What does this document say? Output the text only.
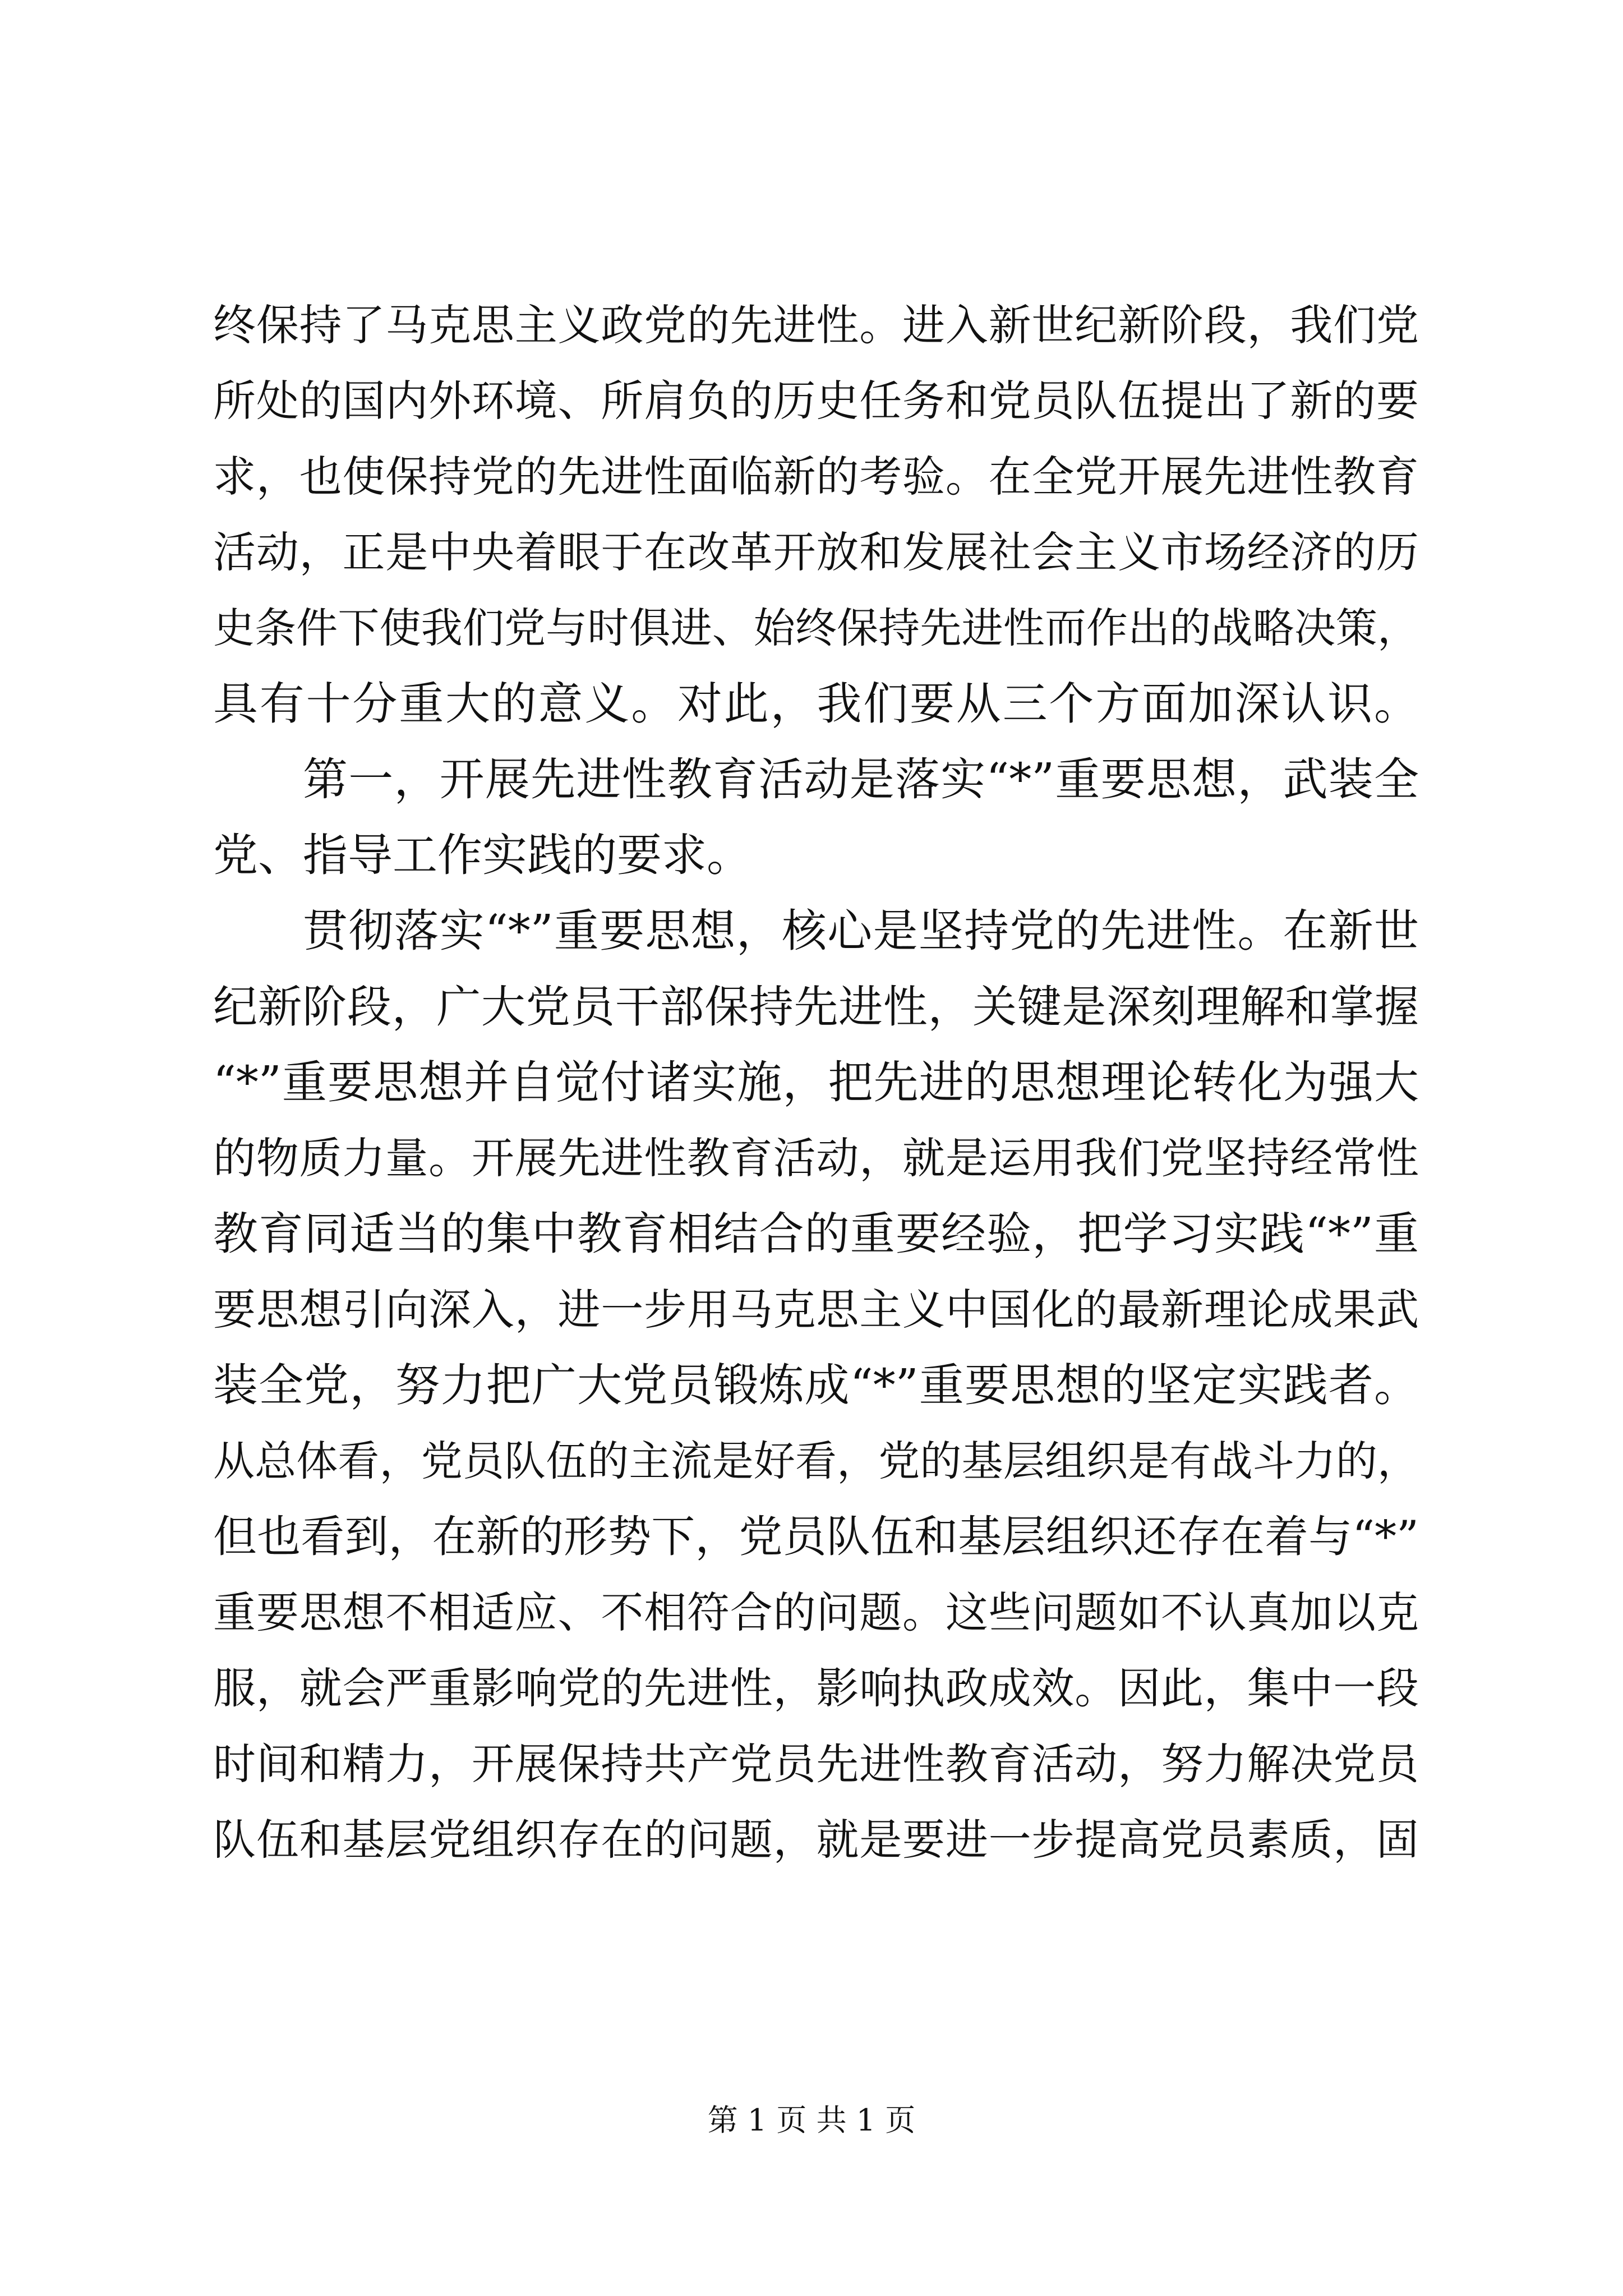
终保持了马克思主义政党的先进性。进入新世纪新阶段，我们党
所处的国内外环境、所肩负的历史任务和党员队伍提出了新的要
求，也使保持党的先进性面临新的考验。在全党开展先进性教育
活动，正是中央着眼于在改革开放和发展社会主义市场经济的历
史条件下使我们党与时俱进、始终保持先进性而作出的战略决策，
具有十分重大的意义。对此，我们要从三个方面加深认识。
第一，开展先进性教育活动是落实“*”重要思想，武装全
党、指导工作实践的要求。
贯彻落实“*”重要思想，核心是坚持党的先进性。在新世
纪新阶段，广大党员干部保持先进性，关键是深刻理解和掌握
“*”重要思想并自觉付诸实施，把先进的思想理论转化为强大
的物质力量。开展先进性教育活动，就是运用我们党坚持经常性
教育同适当的集中教育相结合的重要经验，把学习实践“*”重
要思想引向深入，进一步用马克思主义中国化的最新理论成果武
装全党，努力把广大党员锻炼成“*”重要思想的坚定实践者。
从总体看，党员队伍的主流是好看，党的基层组织是有战斗力的，
但也看到，在新的形势下，党员队伍和基层组织还存在着与“*”
重要思想不相适应、不相符合的问题。这些问题如不认真加以克
服，就会严重影响党的先进性，影响执政成效。因此，集中一段
时间和精力，开展保持共产党员先进性教育活动，努力解决党员
队伍和基层党组织存在的问题，就是要进一步提高党员素质，固
第 1 页 共 1 页
